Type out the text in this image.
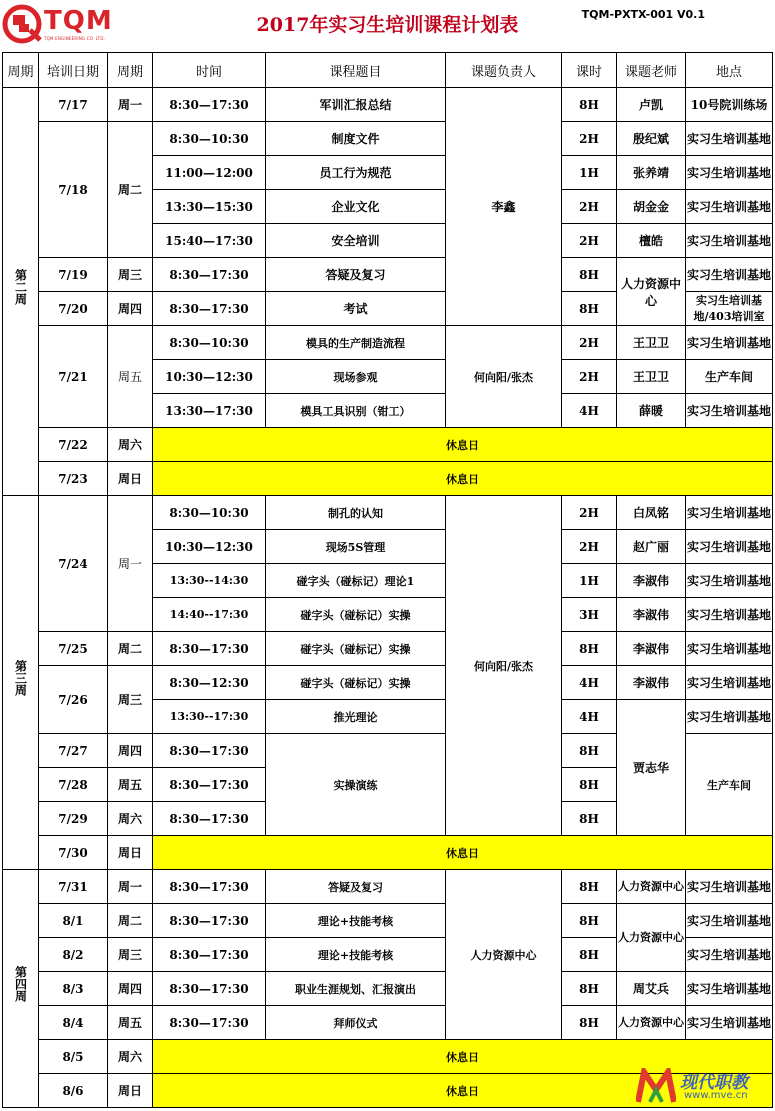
TQM
TQM ENGINEERING CO. LTD.
2017年实习生培训课程计划表	TQM-PXTX-001 V0.1
周期	培训日期	周期	时间	课程题目	课题负责人	课时	课题老师	地点
第二周	7/17	周一	8:30—17:30	军训汇报总结	李鑫	8H	卢凯	10号院训练场
	7/18	周二	8:30—10:30	制度文件		2H	殷纪斌	实习生培训基地
			11:00—12:00	员工行为规范		1H	张养靖	实习生培训基地
			13:30—15:30	企业文化		2H	胡金金	实习生培训基地
			15:40—17:30	安全培训		2H	檀皓	实习生培训基地
	7/19	周三	8:30—17:30	答疑及复习		8H	人力资源中心	实习生培训基地
	7/20	周四	8:30—17:30	考试		8H		实习生培训基地/403培训室
	7/21	周五	8:30—10:30	模具的生产制造流程	何向阳/张杰	2H	王卫卫	实习生培训基地
			10:30—12:30	现场参观		2H	王卫卫	生产车间
			13:30—17:30	模具工具识别（钳工）		4H	薛暖	实习生培训基地
	7/22	周六	休息日					
	7/23	周日	休息日					
第三周	7/24	周一	8:30—10:30	制孔的认知	何向阳/张杰	2H	白凤铭	实习生培训基地
			10:30—12:30	现场5S管理		2H	赵广丽	实习生培训基地
			13:30--14:30	碰字头（碰标记）理论1		1H	李淑伟	实习生培训基地
			14:40--17:30	碰字头（碰标记）实操		3H	李淑伟	实习生培训基地
	7/25	周二	8:30—17:30	碰字头（碰标记）实操		8H	李淑伟	实习生培训基地
	7/26	周三	8:30—12:30	碰字头（碰标记）实操		4H	李淑伟	实习生培训基地
			13:30--17:30	推光理论		4H	贾志华	实习生培训基地
	7/27	周四	8:30—17:30	实操演练		8H		生产车间
	7/28	周五	8:30—17:30			8H		
	7/29	周六	8:30—17:30			8H		
	7/30	周日	休息日					
第四周	7/31	周一	8:30—17:30	答疑及复习	人力资源中心	8H	人力资源中心	实习生培训基地
	8/1	周二	8:30—17:30	理论+技能考核		8H	人力资源中心	实习生培训基地
	8/2	周三	8:30—17:30	理论+技能考核		8H		实习生培训基地
	8/3	周四	8:30—17:30	职业生涯规划、汇报演出		8H	周艾兵	实习生培训基地
	8/4	周五	8:30—17:30	拜师仪式		8H	人力资源中心	实习生培训基地
	8/5	周六	休息日					
	8/6	周日	休息日						现代职教
www.mve.cn
